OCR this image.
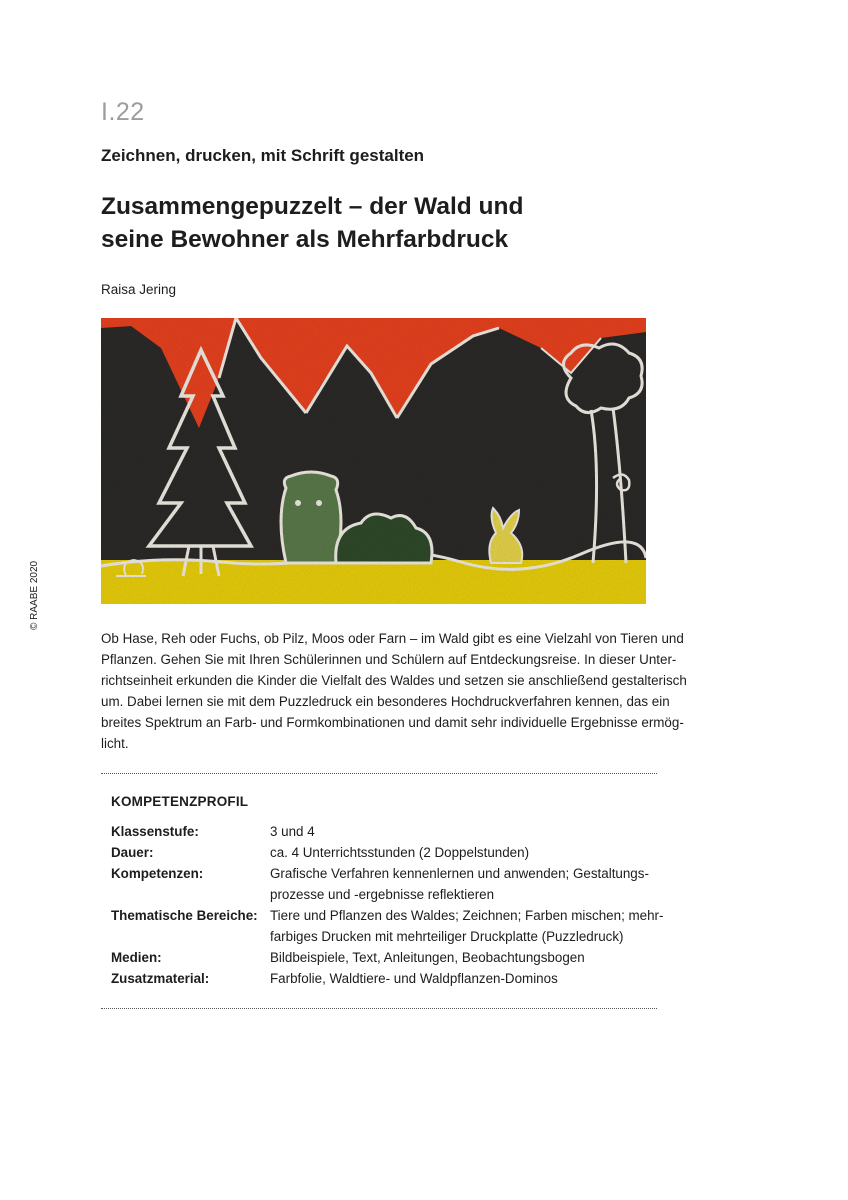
I.22
Zeichnen, drucken, mit Schrift gestalten
Zusammengepuzzelt – der Wald und
seine Bewohner als Mehrfarbdruck
Raisa Jering
© RAABE 2020
Ob Hase, Reh oder Fuchs, ob Pilz, Moos oder Farn – im Wald gibt es eine Vielzahl von Tieren und
Pflanzen. Gehen Sie mit Ihren Schülerinnen und Schülern auf Entdeckungsreise. In dieser Unter-
richtseinheit erkunden die Kinder die Vielfalt des Waldes und setzen sie anschließend gestalterisch
um. Dabei lernen sie mit dem Puzzledruck ein besonderes Hochdruckverfahren kennen, das ein
breites Spektrum an Farb- und Formkombinationen und damit sehr individuelle Ergebnisse ermög-
licht.
KOMPETENZPROFIL
Klassenstufe:	3 und 4
Dauer:	ca. 4 Unterrichtsstunden (2 Doppelstunden)
Kompetenzen:	Grafische Verfahren kennenlernen und anwenden; Gestaltungs-
prozesse und -ergebnisse reflektieren
Thematische Bereiche: Tiere und Pflanzen des Waldes; Zeichnen; Farben mischen; mehr-
farbiges Drucken mit mehrteiliger Druckplatte (Puzzledruck)
Medien:	Bildbeispiele, Text, Anleitungen, Beobachtungsbogen
Zusatzmaterial:	Farbfolie, Waldtiere- und Waldpflanzen-Dominos
